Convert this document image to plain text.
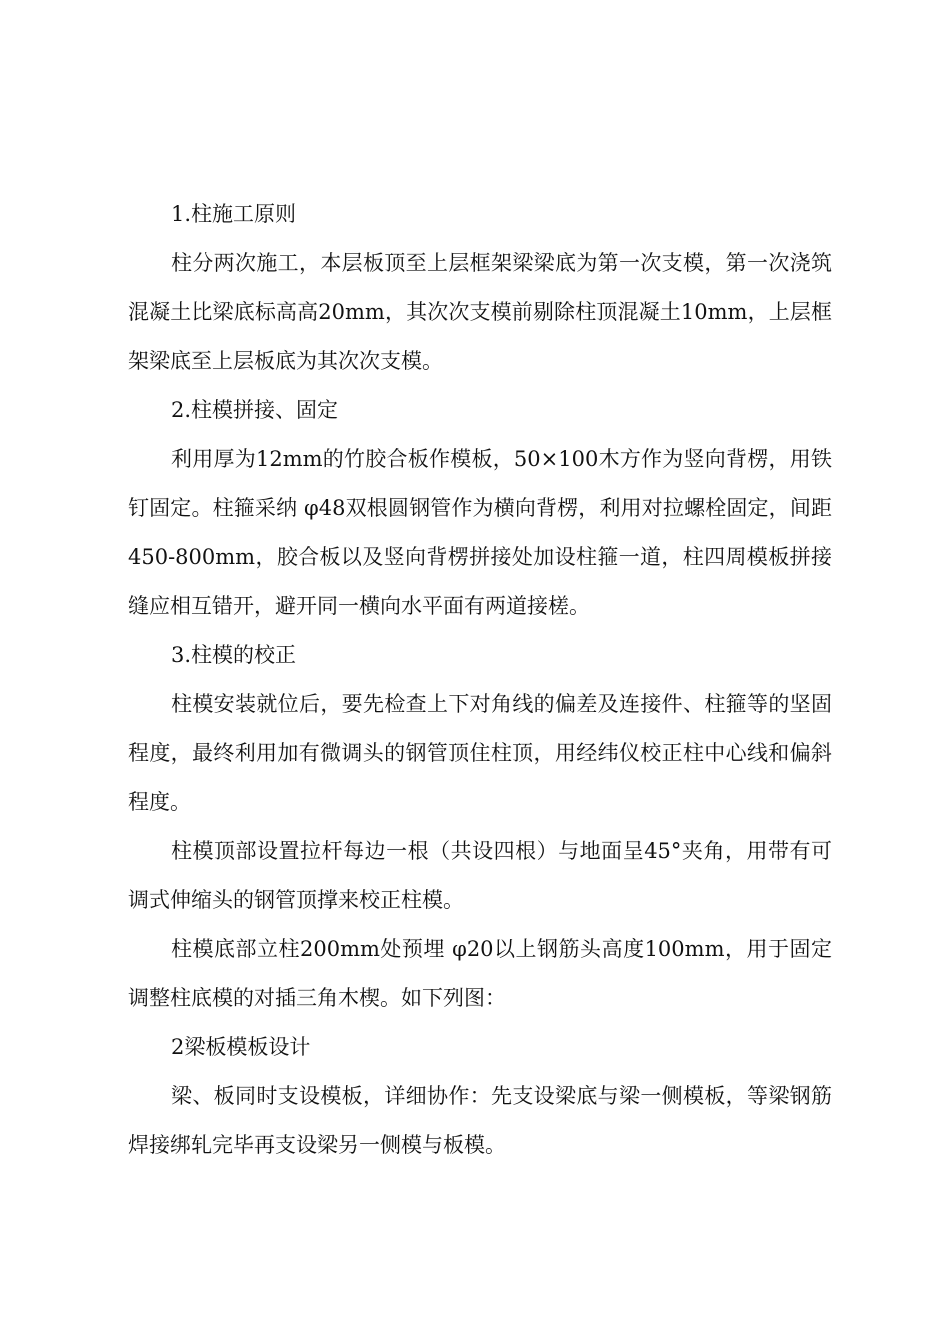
1.柱施工原则

柱分两次施工，本层板顶至上层框架梁梁底为第一次支模，第一次浇筑混凝土比梁底标高高20mm，其次次支模前剔除柱顶混凝土10mm，上层框架梁底至上层板底为其次次支模。

2.柱模拼接、固定

利用厚为12mm的竹胶合板作模板，50×100木方作为竖向背楞，用铁钉固定。柱箍采纳 φ48双根圆钢管作为横向背楞，利用对拉螺栓固定，间距450-800mm，胶合板以及竖向背楞拼接处加设柱箍一道，柱四周模板拼接缝应相互错开，避开同一横向水平面有两道接槎。

3.柱模的校正

柱模安装就位后，要先检查上下对角线的偏差及连接件、柱箍等的坚固程度，最终利用加有微调头的钢管顶住柱顶，用经纬仪校正柱中心线和偏斜程度。

柱模顶部设置拉杆每边一根（共设四根）与地面呈45°夹角，用带有可调式伸缩头的钢管顶撑来校正柱模。

柱模底部立柱200mm处预埋 φ20以上钢筋头高度100mm，用于固定调整柱底模的对插三角木楔。如下列图：

2梁板模板设计

梁、板同时支设模板，详细协作：先支设梁底与梁一侧模板，等梁钢筋焊接绑轧完毕再支设梁另一侧模与板模。
